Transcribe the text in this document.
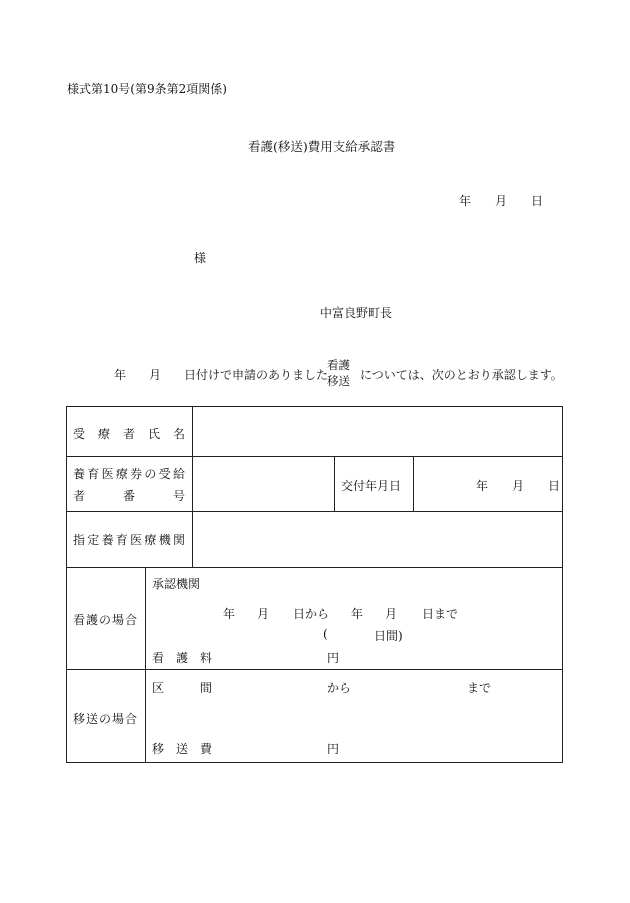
様式第10号(第9条第2項関係)
看護(移送)費用支給承認書
年 月 日
様
中富良野町長
年 月 日付けで申請のありました
看護
移送 については、次のとおり承認します。
受 療 者 氏 名
養 育 医 療 券 の 受 給
者	番	号
交付年月日	年 月 日
指 定 養 育 医 療 機 関
看護の場合
承認機関
年 月 日から 年 月 日まで
(	日間)
看　護　料	円
移送の場合
区　　　間	から	まで
移　送　費	円
